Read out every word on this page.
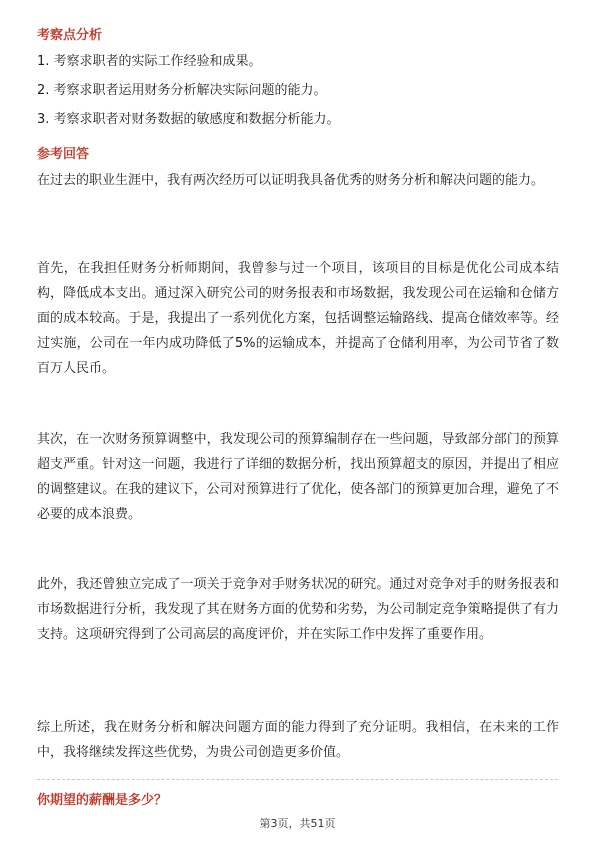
考察点分析
1. 考察求职者的实际工作经验和成果。
2. 考察求职者运用财务分析解决实际问题的能力。
3. 考察求职者对财务数据的敏感度和数据分析能力。
参考回答

在过去的职业生涯中，我有两次经历可以证明我具备优秀的财务分析和解决问题的能力。

首先，在我担任财务分析师期间，我曾参与过一个项目，该项目的目标是优化公司成本结构，降低成本支出。通过深入研究公司的财务报表和市场数据，我发现公司在运输和仓储方面的成本较高。于是，我提出了一系列优化方案，包括调整运输路线、提高仓储效率等。经过实施，公司在一年内成功降低了5%的运输成本，并提高了仓储利用率，为公司节省了数百万人民币。

其次，在一次财务预算调整中，我发现公司的预算编制存在一些问题，导致部分部门的预算超支严重。针对这一问题，我进行了详细的数据分析，找出预算超支的原因，并提出了相应的调整建议。在我的建议下，公司对预算进行了优化，使各部门的预算更加合理，避免了不必要的成本浪费。

此外，我还曾独立完成了一项关于竞争对手财务状况的研究。通过对竞争对手的财务报表和市场数据进行分析，我发现了其在财务方面的优势和劣势，为公司制定竞争策略提供了有力支持。这项研究得到了公司高层的高度评价，并在实际工作中发挥了重要作用。

综上所述，我在财务分析和解决问题方面的能力得到了充分证明。我相信，在未来的工作中，我将继续发挥这些优势，为贵公司创造更多价值。

你期望的薪酬是多少？
第3页，共51页
